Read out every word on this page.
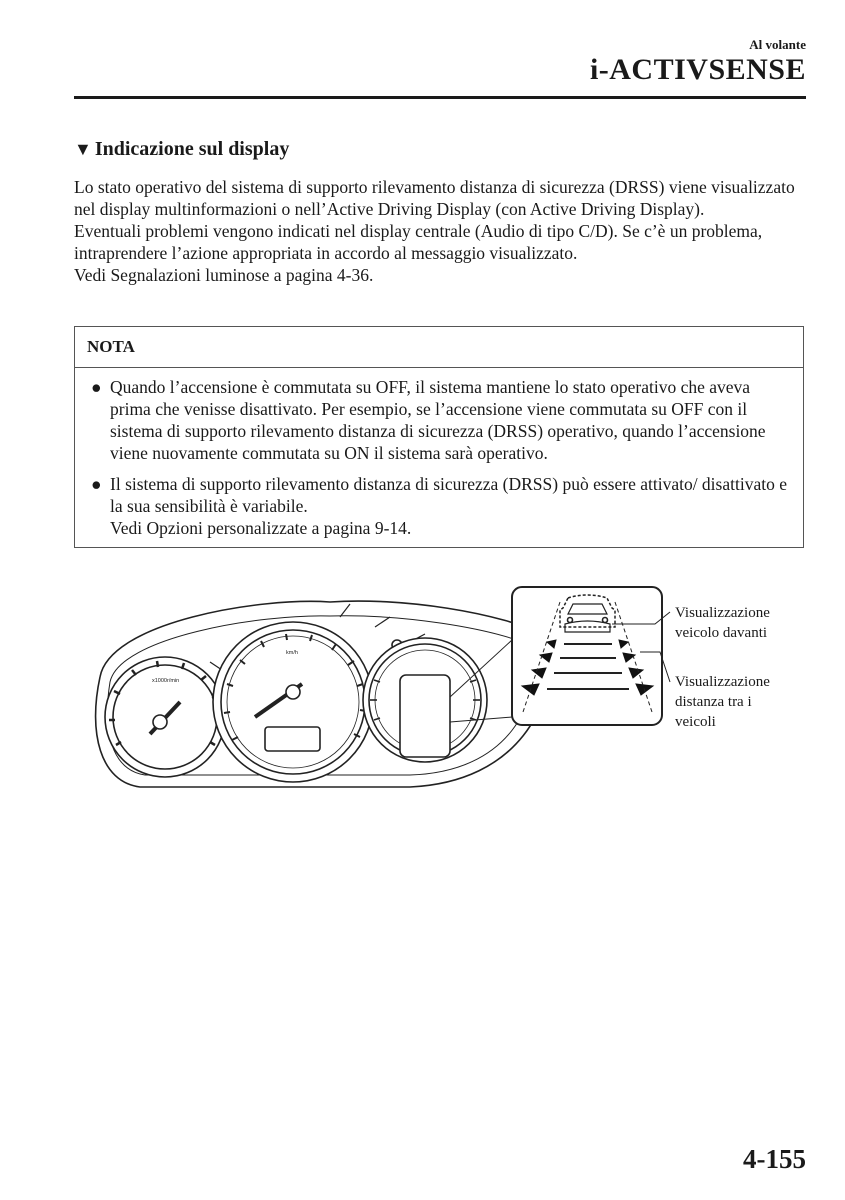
Al volante
i-ACTIVSENSE
▼ Indicazione sul display

Lo stato operativo del sistema di supporto rilevamento distanza di sicurezza (DRSS) viene visualizzato nel display multinformazioni o nell’Active Driving Display (con Active Driving Display).

Eventuali problemi vengono indicati nel display centrale (Audio di tipo C/D). Se c’è un problema, intraprendere l’azione appropriata in accordo al messaggio visualizzato.

Vedi Segnalazioni luminose a pagina 4-36.

NOTA
● Quando l’accensione è commutata su OFF, il sistema mantiene lo stato operativo che aveva prima che venisse disattivato. Per esempio, se l’accensione viene commutata su OFF con il sistema di supporto rilevamento distanza di sicurezza (DRSS) operativo, quando l’accensione viene nuovamente commutata su ON il sistema sarà operativo.
● Il sistema di supporto rilevamento distanza di sicurezza (DRSS) può essere attivato/ disattivato e la sua sensibilità è variabile.
Vedi Opzioni personalizzate a pagina 9-14.
x1000r/min
km/h
Visualizzazione
veicolo davanti
Visualizzazione
distanza tra i
veicoli
4-155
